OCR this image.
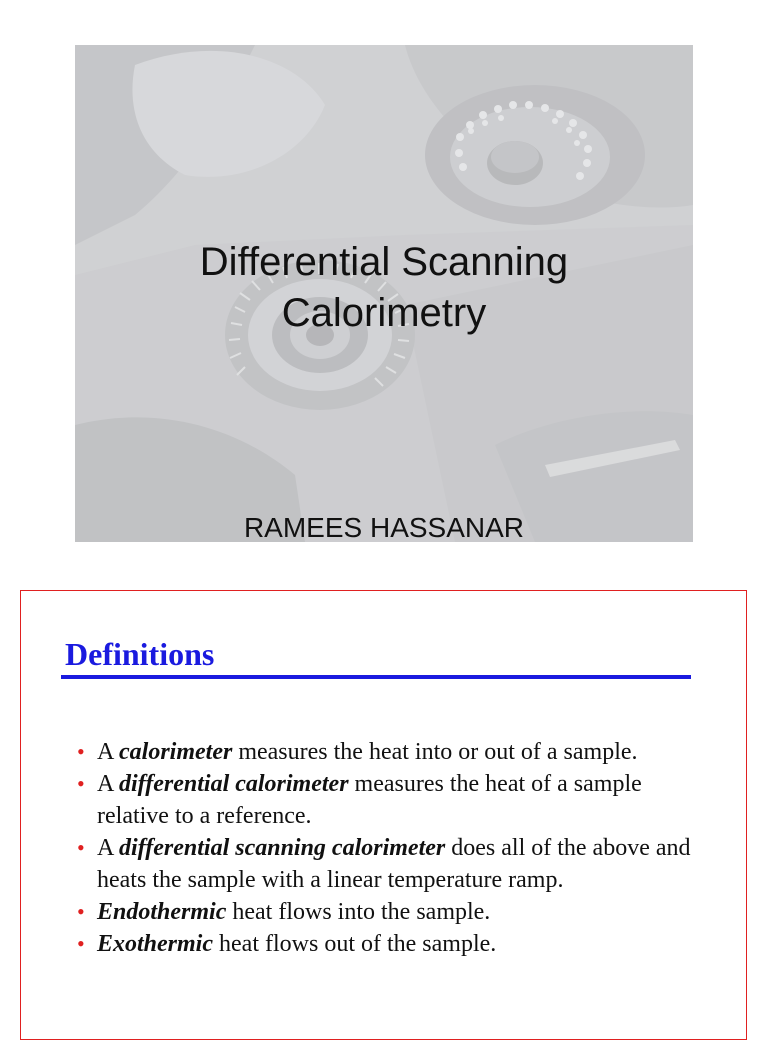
Differential Scanning
Calorimetry
RAMEES HASSANAR
Definitions
• A calorimeter measures the heat into or out of a sample.
• A differential calorimeter measures the heat of a sample relative to a reference.
• A differential scanning calorimeter does all of the above and heats the sample with a linear temperature ramp.
• Endothermic heat flows into the sample.
• Exothermic heat flows out of the sample.
